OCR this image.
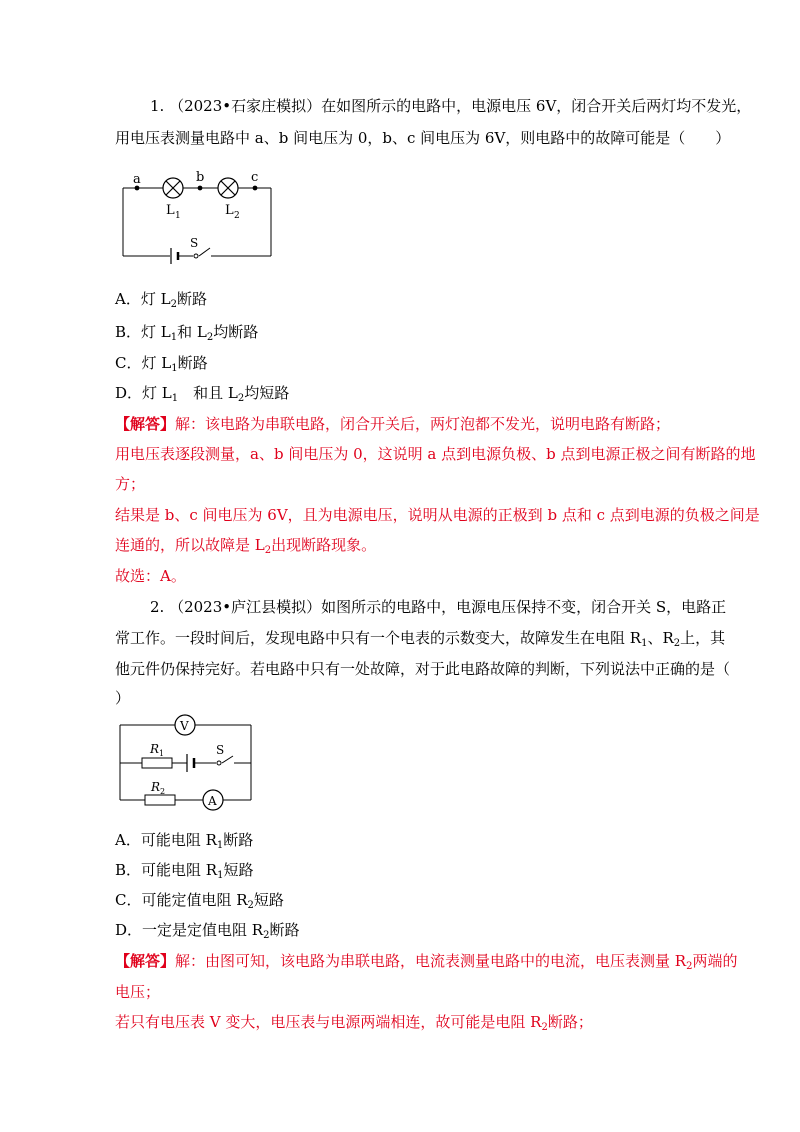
1. （2023•石家庄模拟）在如图所示的电路中，电源电压 6V，闭合开关后两灯均不发光，
用电压表测量电路中 a、b 间电压为 0，b、c 间电压为 6V，则电路中的故障可能是（　　）
a	b	c
L 1	L 2
S
A．灯 $L_2$断路
B．灯 $L_1$和 $L_2$均断路
C．灯 $L_1$断路
D．灯 $L_1$　和且 $L_2$均短路
【解答】解：该电路为串联电路，闭合开关后，两灯泡都不发光，说明电路有断路；
用电压表逐段测量，a、b 间电压为 0，这说明 a 点到电源负极、b 点到电源正极之间有断路的地
方；
结果是 b、c 间电压为 6V，且为电源电压，说明从电源的正极到 b 点和 c 点到电源的负极之间是
连通的，所以故障是 $L_2$出现断路现象。
故选：A。
2. （2023•庐江县模拟）如图所示的电路中，电源电压保持不变，闭合开关 S，电路正
常工作。一段时间后，发现电路中只有一个电表的示数变大，故障发生在电阻 $R_1$、$R_2$上，其
他元件仍保持完好。若电路中只有一处故障，对于此电路故障的判断，下列说法中正确的是（
）
V
S
R 1
R 2
A
A．可能电阻 $R_1$断路
B．可能电阻 $R_1$短路
C．可能定值电阻 $R_2$短路
D．一定是定值电阻 $R_2$断路
【解答】解：由图可知，该电路为串联电路，电流表测量电路中的电流，电压表测量 $R_2$两端的
电压；
若只有电压表 V 变大，电压表与电源两端相连，故可能是电阻 $R_2$断路；
